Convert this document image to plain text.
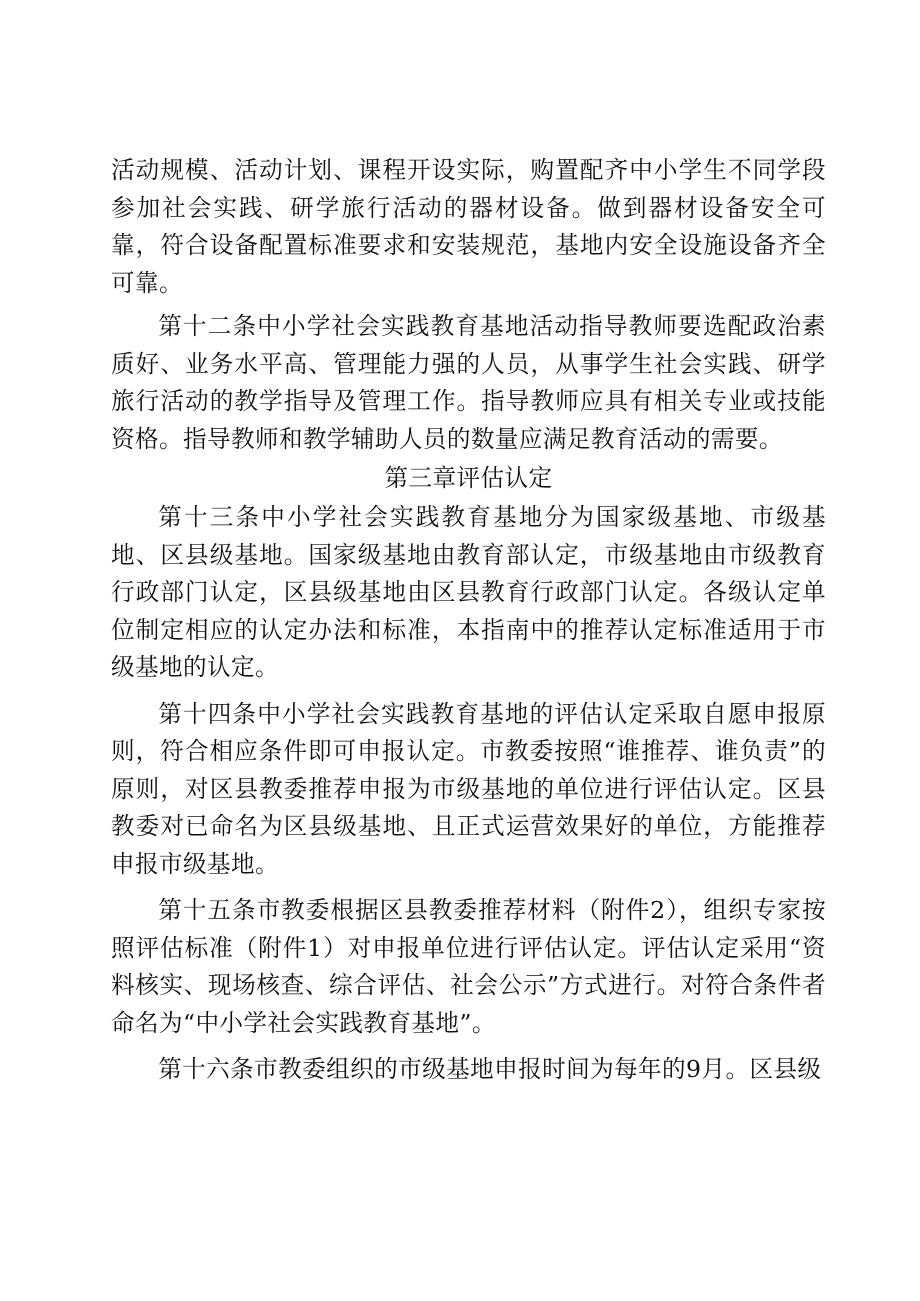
活动规模、活动计划、课程开设实际，购置配齐中小学生不同学段参加社会实践、研学旅行活动的器材设备。做到器材设备安全可靠，符合设备配置标准要求和安装规范，基地内安全设施设备齐全可靠。

第十二条中小学社会实践教育基地活动指导教师要选配政治素质好、业务水平高、管理能力强的人员，从事学生社会实践、研学旅行活动的教学指导及管理工作。指导教师应具有相关专业或技能资格。指导教师和教学辅助人员的数量应满足教育活动的需要。

第三章评估认定

第十三条中小学社会实践教育基地分为国家级基地、市级基地、区县级基地。国家级基地由教育部认定，市级基地由市级教育行政部门认定，区县级基地由区县教育行政部门认定。各级认定单位制定相应的认定办法和标准，本指南中的推荐认定标准适用于市级基地的认定。

第十四条中小学社会实践教育基地的评估认定采取自愿申报原则，符合相应条件即可申报认定。市教委按照“谁推荐、谁负责”的原则，对区县教委推荐申报为市级基地的单位进行评估认定。区县教委对已命名为区县级基地、且正式运营效果好的单位，方能推荐申报市级基地。

第十五条市教委根据区县教委推荐材料（附件2），组织专家按照评估标准（附件1）对申报单位进行评估认定。评估认定采用“资料核实、现场核查、综合评估、社会公示”方式进行。对符合条件者命名为“中小学社会实践教育基地”。

第十六条市教委组织的市级基地申报时间为每年的9月。区县级
